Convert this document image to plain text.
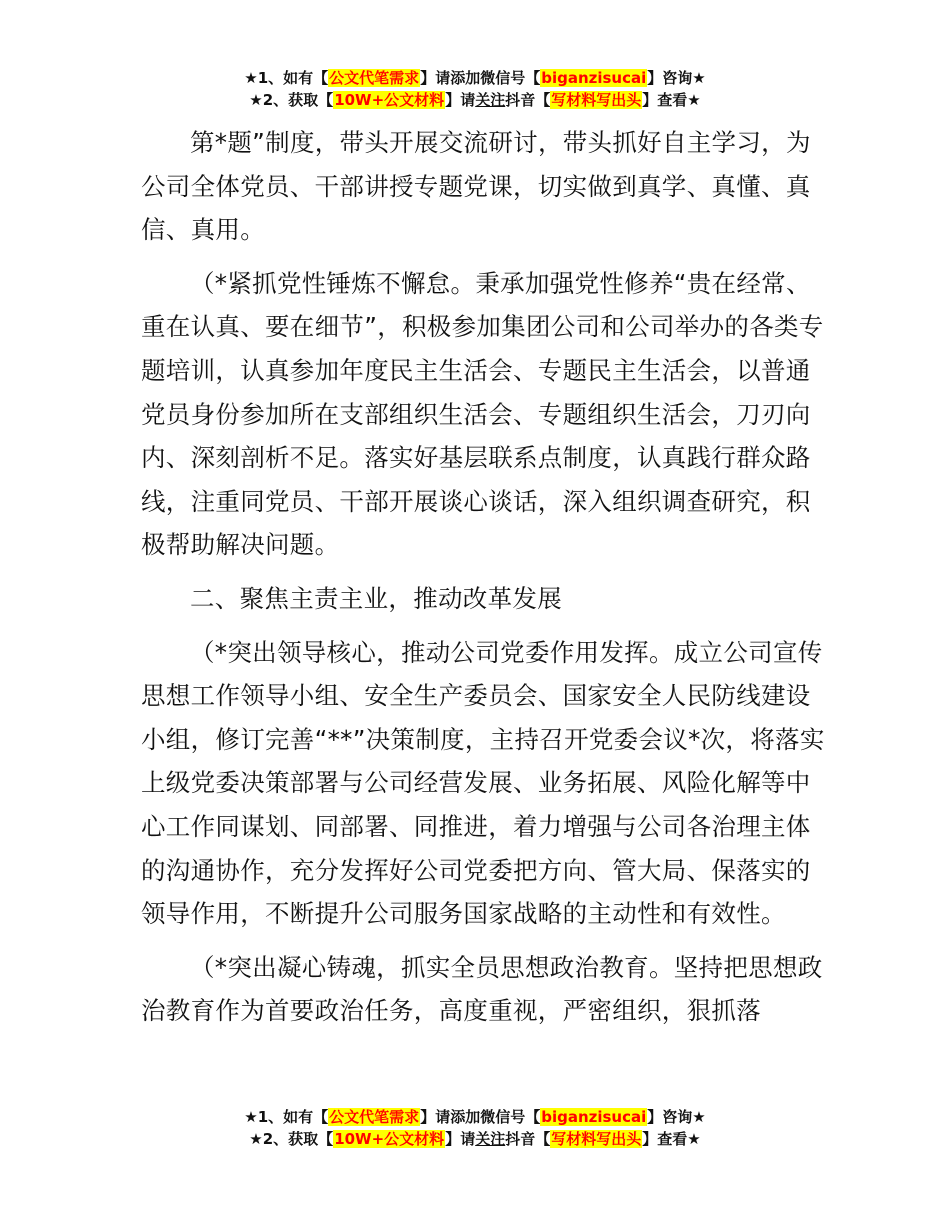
★1、如有【公文代笔需求】请添加微信号【biganzisucai】咨询★
★2、获取【10W+公文材料】请关注抖音【写材料写出头】查看★

第*题”制度，带头开展交流研讨，带头抓好自主学习，为公司全体党员、干部讲授专题党课，切实做到真学、真懂、真信、真用。

（*紧抓党性锤炼不懈怠。秉承加强党性修养“贵在经常、重在认真、要在细节”，积极参加集团公司和公司举办的各类专题培训，认真参加年度民主生活会、专题民主生活会，以普通党员身份参加所在支部组织生活会、专题组织生活会，刀刃向内、深刻剖析不足。落实好基层联系点制度，认真践行群众路线，注重同党员、干部开展谈心谈话，深入组织调查研究，积极帮助解决问题。

二、聚焦主责主业，推动改革发展

（*突出领导核心，推动公司党委作用发挥。成立公司宣传思想工作领导小组、安全生产委员会、国家安全人民防线建设小组，修订完善“**”决策制度，主持召开党委会议*次，将落实上级党委决策部署与公司经营发展、业务拓展、风险化解等中心工作同谋划、同部署、同推进，着力增强与公司各治理主体的沟通协作，充分发挥好公司党委把方向、管大局、保落实的领导作用，不断提升公司服务国家战略的主动性和有效性。

（*突出凝心铸魂，抓实全员思想政治教育。坚持把思想政治教育作为首要政治任务，高度重视，严密组织，狠抓落

★1、如有【公文代笔需求】请添加微信号【biganzisucai】咨询★
★2、获取【10W+公文材料】请关注抖音【写材料写出头】查看★
